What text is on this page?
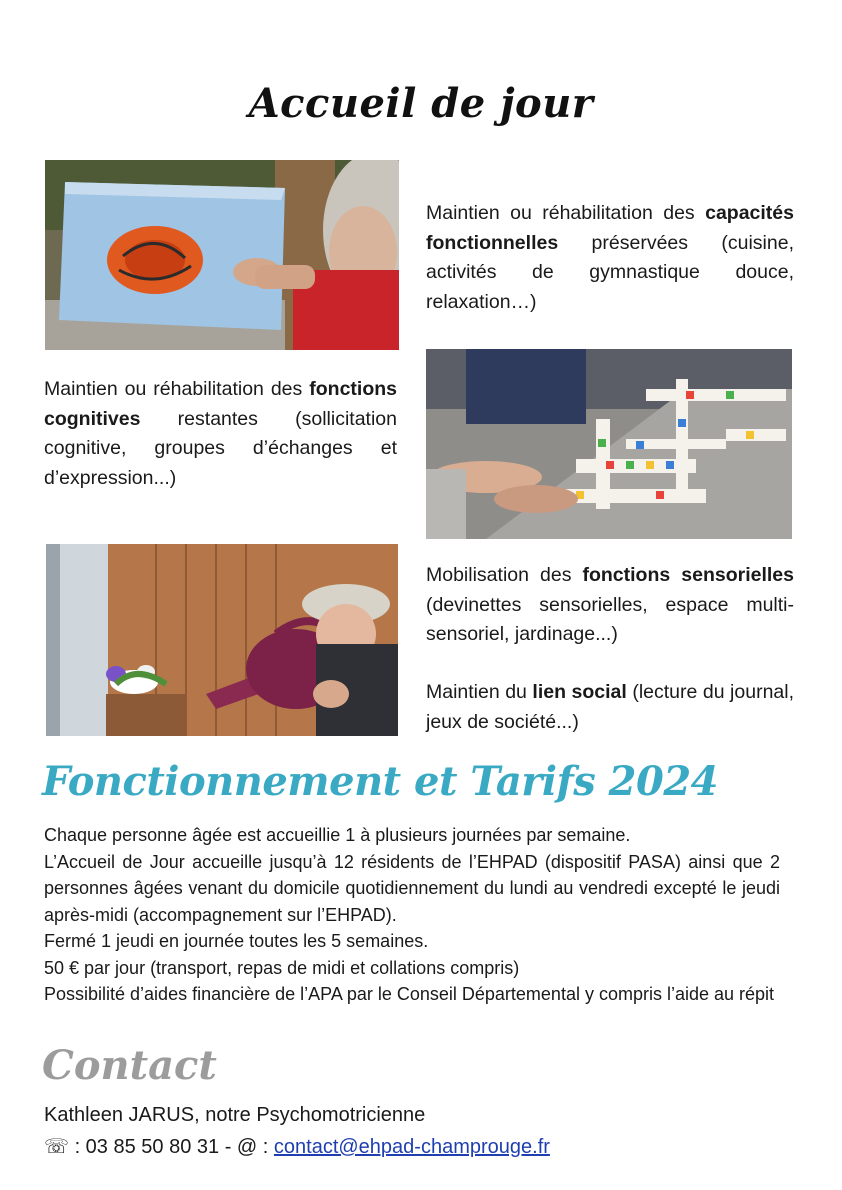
Accueil de jour

Maintien ou réhabilitation des capacités fonctionnelles préservées (cuisine, activités de gymnastique douce, relaxation…)

Maintien ou réhabilitation des fonctions cognitives restantes (sollicitation cognitive, groupes d’échanges et d’expression...)

Mobilisation des fonctions sensorielles (devinettes sensorielles, espace multi-sensoriel, jardinage...)

Maintien du lien social (lecture du journal, jeux de société...)

Fonctionnement et Tarifs 2024
Chaque personne âgée est accueillie 1 à plusieurs journées par semaine.
L’Accueil de Jour accueille jusqu’à 12 résidents de l’EHPAD (dispositif PASA) ainsi que 2 personnes âgées venant du domicile quotidiennement du lundi au vendredi excepté le jeudi après-midi (accompagnement sur l’EHPAD).
Fermé 1 jeudi en journée toutes les 5 semaines.
50 € par jour (transport, repas de midi et collations compris)
Possibilité d’aides financière de l’APA par le Conseil Départemental y compris l’aide au répit
Contact

Kathleen JARUS, notre Psychomotricienne

☏ : 03 85 50 80 31 - @ : contact@ehpad-champrouge.fr
